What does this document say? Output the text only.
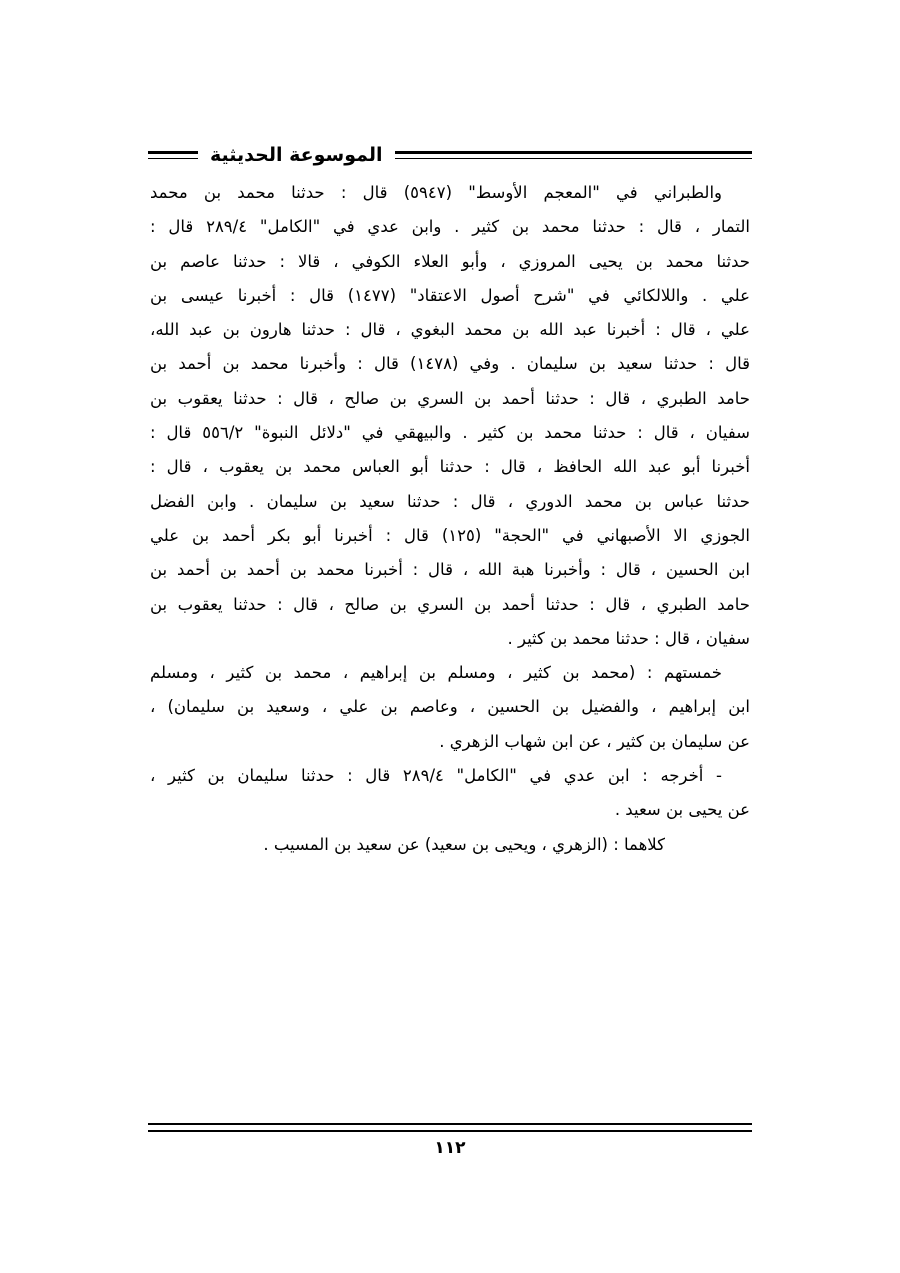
الموسوعة الحديثية
والطبراني في "المعجم الأوسط" (٥٩٤٧) قال : حدثنا محمد بن محمد
التمار ، قال : حدثنا محمد بن كثير . وابن عدي في "الكامل" ٢٨٩/٤ قال :
حدثنا محمد بن يحيى المروزي ، وأبو العلاء الكوفي ، قالا : حدثنا عاصم بن
علي . واللالكائي في "شرح أصول الاعتقاد" (١٤٧٧) قال : أخبرنا عيسى بن
علي ، قال : أخبرنا عبد الله بن محمد البغوي ، قال : حدثنا هارون بن عبد الله،
قال : حدثنا سعيد بن سليمان . وفي (١٤٧٨) قال : وأخبرنا محمد بن أحمد بن
حامد الطبري ، قال : حدثنا أحمد بن السري بن صالح ، قال : حدثنا يعقوب بن
سفيان ، قال : حدثنا محمد بن كثير . والبيهقي في "دلائل النبوة" ٥٥٦/٢ قال :
أخبرنا أبو عبد الله الحافظ ، قال : حدثنا أبو العباس محمد بن يعقوب ، قال :
حدثنا عباس بن محمد الدوري ، قال : حدثنا سعيد بن سليمان . وابن الفضل
الجوزي الا الأصبهاني في "الحجة" (١٢٥) قال : أخبرنا أبو بكر أحمد بن علي
ابن الحسين ، قال : وأخبرنا هبة الله ، قال : أخبرنا محمد بن أحمد بن أحمد بن
حامد الطبري ، قال : حدثنا أحمد بن السري بن صالح ، قال : حدثنا يعقوب بن
سفيان ، قال : حدثنا محمد بن كثير .
خمستهم : (محمد بن كثير ، ومسلم بن إبراهيم ، محمد بن كثير ، ومسلم
ابن إبراهيم ، والفضيل بن الحسين ، وعاصم بن علي ، وسعيد بن سليمان) ،
عن سليمان بن كثير ، عن ابن شهاب الزهري .
- أخرجه : ابن عدي في "الكامل" ٢٨٩/٤ قال : حدثنا سليمان بن كثير ،
عن يحيى بن سعيد .
كلاهما : (الزهري ، ويحيى بن سعيد) عن سعيد بن المسيب .
١١٢
